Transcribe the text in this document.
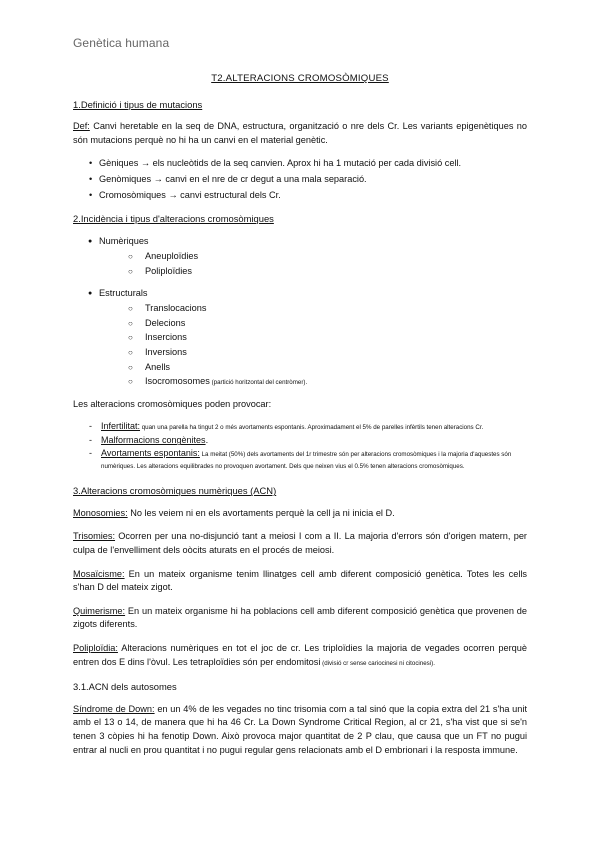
Genètica humana
T2.ALTERACIONS CROMOSÒMIQUES
1.Definició i tipus de mutacions

Def: Canvi heretable en la seq de DNA, estructura, organització o nre dels Cr. Les variants epigenètiques no són mutacions perquè no hi ha un canvi en el material genètic.

• Gèniques → els nucleòtids de la seq canvien. Aprox hi ha 1 mutació per cada divisió cell.
• Genòmiques → canvi en el nre de cr degut a una mala separació.
• Cromosòmiques → canvi estructural dels Cr.
2.Incidència i tipus d'alteracions cromosòmiques
● Numèriques
○ Aneuploïdies
○ Poliploïdies
● Estructurals
○ Translocacions
○ Delecions
○ Insercions
○ Inversions
○ Anells
○ Isocromosomes (partició horitzontal del centròmer).

Les alteracions cromosòmiques poden provocar:

- Infertilitat: quan una parella ha tingut 2 o més avortaments espontanis. Aproximadament el 5% de parelles infèrtils tenen alteracions Cr.
- Malformacions congènites.
- Avortaments espontanis: La meitat (50%) dels avortaments del 1r trimestre són per alteracions cromosòmiques i la majoria d'aquestes són numèriques. Les alteracions equilibrades no provoquen avortament. Dels que neixen vius el 0.5% tenen alteracions cromosòmiques.
3.Alteracions cromosòmiques numèriques (ACN)

Monosomies: No les veiem ni en els avortaments perquè la cell ja ni inicia el D.

Trisomies: Ocorren per una no-disjunció tant a meiosi I com a II. La majoria d'errors són d'origen matern, per culpa de l'envelliment dels oòcits aturats en el procés de meiosi.

Mosaïcisme: En un mateix organisme tenim llinatges cell amb diferent composició genètica. Totes les cells s'han D del mateix zigot.

Quimerisme: En un mateix organisme hi ha poblacions cell amb diferent composició genètica que provenen de zigots diferents.

Poliploïdia: Alteracions numèriques en tot el joc de cr. Les triploïdies la majoria de vegades ocorren perquè entren dos E dins l'òvul. Les tetraploïdies són per endomitosi (divisió cr sense cariocinesi ni citocinesi).

3.1.ACN dels autosomes

Síndrome de Down: en un 4% de les vegades no tinc trisomia com a tal sinó que la copia extra del 21 s'ha unit amb el 13 o 14, de manera que hi ha 46 Cr. La Down Syndrome Critical Region, al cr 21, s'ha vist que si se'n tenen 3 còpies hi ha fenotip Down. Això provoca major quantitat de 2 P clau, que causa que un FT no pugui entrar al nucli en prou quantitat i no pugui regular gens relacionats amb el D embrionari i la resposta immune.
